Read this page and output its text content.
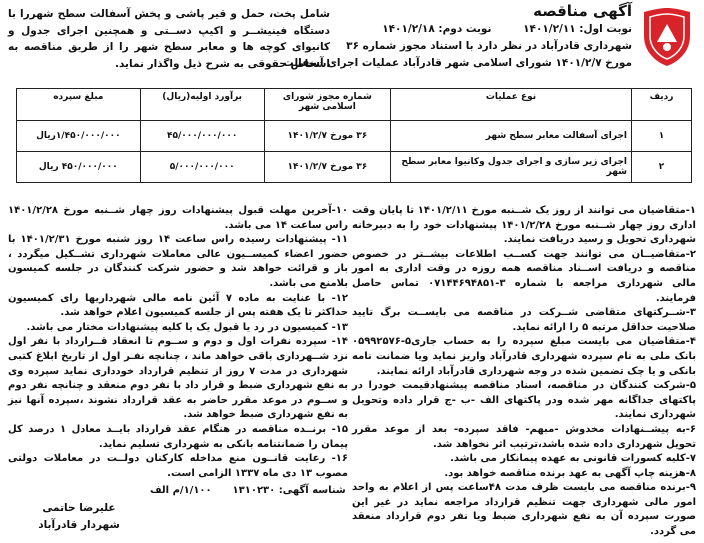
آگهی مناقصه
نوبت اول: ۱۴۰۱/۲/۱۱ نوبت دوم: ۱۴۰۱/۲/۱۸
شهرداری قادرآباد در نظر دارد با استناد مجوز شماره ۳۶
مورخ ۱۴۰۱/۲/۷ شورای اسلامی شهر قادرآباد عملیات اجرای آسفالت
شامل پخت، حمل و قیر پاشی و پخش آسفالت سطح شهررا با دستگاه فینیشــر و اکیپ دســتی و همچنین اجرای جدول و کانیوای کوچه ها و معابر سطح شهر را از طریق مناقصه به اشخاص حقوقی به شرح ذیل واگذار نماید.
ردیف	نوع عملیات	شماره مجوز شورای اسلامی شهر	برآورد اولیه(ریال)	مبلغ سپرده
۱	اجرای آسفالت معابر سطح شهر	۳۶ مورخ ۱۴۰۱/۲/۷	۴۵/۰۰۰/۰۰۰/۰۰۰	۱/۴۵۰/۰۰۰/۰۰۰ریال
۲	اجرای زیر سازی و اجرای جدول وکانیوا معابر سطح شهر	۳۶ مورخ ۱۴۰۱/۲/۷	۵/۰۰۰/۰۰۰/۰۰۰	۴۵۰/۰۰۰/۰۰۰ ریال
۱-متقاضیان می توانند از روز یک شــنبه مورخ ۱۴۰۱/۲/۱۱ تا پایان وقت اداری روز چهار شــنبه مورخ ۱۴۰۱/۲/۲۸ پیشنهادات خود را به دبیرخانه شهرداری تحویل و رسید دریافت نمایند.
۲-متقاضیــان می توانند جهت کســب اطلاعات بیشــتر در خصوص مناقصه و دریافت اســناد مناقصه همه روزه در وقت اداری به امور مالی شهرداری مراجعه با شماره ۳-۰۷۱۴۴۶۹۴۸۵۱ تماس حاصل فرمایند.
۳-شــرکتهای متقاضی شــرکت در مناقصه می بایســت برگ تایید صلاحیت حداقل مرتبه ۵ را ارائه نماید.
۴-متقاضیان می بایست مبلغ سپرده را به حساب جاری۵-۰۵۹۹۲۵۷۶ بانک ملی به نام سپرده شهرداری قادرآباد واریز نماید ویا ضمانت نامه بانکی و یا چک تضمین شده در وجه شهرداری قادرآباد ارائه نمایند.
۵-شرکت کنندگان در مناقصه، اسناد مناقصه پیشنهادقیمت خودرا در پاکتهای جداگانه مهر شده ودر پاکتهای الف -ب -ج قرار داده وتحویل شهرداری نمایند.
۶-به پیشــنهادات مخدوش -مبهم- فاقد سپرده- بعد از موعد مقرر تحویل شهرداری داده شده باشد،ترتیب اثر نخواهد شد.
۷-کلیه کسورات قانونی به عهده پیمانکار می باشد.
۸-هزینه چاپ آگهی به عهد برنده مناقصه خواهد بود.
۹-برنده مناقصه می بایست ظرف مدت ۴۸ساعت پس از اعلام به واحد امور مالی شهرداری جهت تنظیم قرارداد مراجعه نماید در غیر این صورت سپرده آن به نفع شهرداری ضبط ویا نفر دوم قرارداد منعقد می گردد.
۱۰-آخرین مهلت قبول پیشنهادات روز چهار شــنبه مورخ ۱۴۰۱/۲/۲۸ راس ساعت ۱۴ می باشد.
۱۱- پیشنهادات رسیده راس ساعت ۱۴ روز شنبه مورخ ۱۴۰۱/۲/۳۱ با حضور اعضاء کمیســیون عالی معاملات شهرداری تشــکیل میگردد ، باز و قرائت خواهد شد و حضور شرکت کنندگان در جلسه کمیسون بلامنع می باشد.
۱۲- با عنایت به ماده ۷ آئین نامه مالی شهرداریها رای کمیسیون حداکثر تا یک هفته پس از جلسه کمیسیون اعلام خواهد شد.
۱۳- کمیسیون در رد یا قبول یک یا کلیه پیشنهادات مختار می باشد.
۱۴- سپرده نفرات اول و دوم و ســوم تا انعقاد قــرارداد با نفر اول نزد شــهرداری باقی خواهد ماند ، چنانچه نفـر اول از تاریخ ابلاغ کتبی شهرداری در مدت ۷ روز از تنظیم قرارداد خودداری نماید سپرده وی به نفع شهرداری ضبط و قرار داد با نفر دوم منعقد و چنانچه نفر دوم و ســوم در موعد مقرر حاضر به عقد قرارداد نشوند ،سپرده آنها نیز به نفع شهرداری ضبط خواهد شد.
۱۵- برنــده مناقصه در هنگام عقد قرارداد بایــد معادل ۱ درصد کل پیمان را ضمانتنامه بانکی به شهرداری تسلیم نماید.
۱۶- رعایت قانــون منع مداخله کارکنان دولــت در معاملات دولتی مصوب ۱۳ دی ماه ۱۳۳۷ الزامی است.
شناسه آگهی: ۱۳۱۰۲۳۰      ۱/۱۰۰/م الف
علیرضا حاتمی
شهردار قادرآباد
